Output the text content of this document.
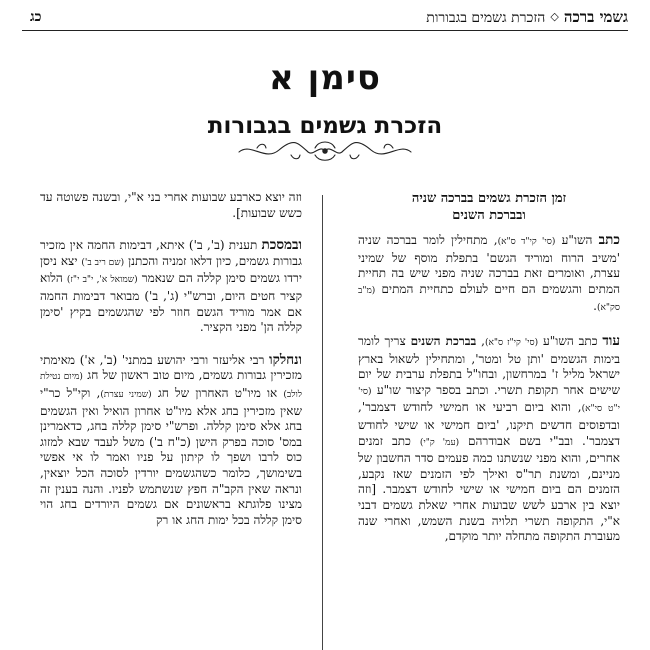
גשמי ברכה◇הזכרת גשמים בגבורות
כג
סימן א
הזכרת גשמים בגבורות
זמן הזכרת גשמים בברכה שניה
ובברכת השנים

כתב השו"ע (סי' קי"ד ס"א), מתחילין לומר בברכה שניה 'משיב הרוח ומוריד הגשם' בתפלת מוסף של שמיני עצרת, ואומרים זאת בברכה שניה מפני שיש בה תחיית המתים והגשמים הם חיים לעולם כתחיית המתים (מ"ב סק"א).

עוד כתב השו"ע (סי' קי"ז ס"א), בברכת השנים צריך לומר בימות הגשמים 'ותן טל ומטר', ומתחילין לשאול בארץ ישראל מליל ז' במרחשון, ובחו"ל בתפלת ערבית של יום שישים אחר תקופת תשרי. וכתב בספר קיצור שו"ע (סי' י"ט סי"א), והוא ביום רביעי או חמישי לחודש דצמבר', ובדפוסים חדשים תיקנו, 'ביום חמישי או שישי לחודש דצמבר'. ובב"י בשם אבודרהם (עמ' ק"י) כתב זמנים אחרים, והוא מפני שנשתנו כמה פעמים סדר החשבון של מניינם, ומשנת תר"ס ואילך לפי הזמנים שאז נקבע, הזמנים הם ביום חמישי או שישי לחודש דצמבר. [וזה יוצא בין ארבע לשש שבועות אחרי שאלת גשמים דבני א"י, התקופה תשרי תלויה בשנת השמש, ואחרי שנה מעוברת התקופה מתחלה יותר מוקדם,

וזה יוצא כארבע שבועות אחרי בני א"י, ובשנה פשוטה עד כשש שבועות].

ובמסכת תענית (ב', ב') איתא, דבימות החמה אין מזכיר גבורות גשמים, כיון דלאו זמניה והכתנן (שם ריב ב') יצא ניסן ירדו גשמים סימן קללה הם שנאמר (שמואל א', י"ב י"ז) הלוא קציר חטים היום, וברש"י (ג', ב') מבואר דבימות החמה אם אמר מוריד הגשם חוזר לפי שהגשמים בקיץ 'סימן קללה הן' מפני הקציר.

ונחלקו רבי אליעזר ורבי יהושע במתני' (ב', א') מאימתי מזכירין גבורות גשמים, מיום טוב ראשון של חג (מיום נטילת לולב) או מיו"ט האחרון של חג (שמיני עצרת), וקי"ל כר"י שאין מזכירין בחג אלא מיו"ט אחרון הואיל ואין הגשמים בחג אלא סימן קללה. ופרש"י סימן קללה בחג, כדאמרינן במס' סוכה בפרק הישן (כ"ח ב') משל לעבד שבא למזוג כוס לרבו ושפך לו קיתון על פניו ואמר לו אי אפשי בשימושך, כלומר כשהגשמים יורדין לסוכה הכל יוצאין, ונראה שאין הקב"ה חפץ שנשתמש לפניו. והנה בענין זה מצינו פלוגתא בראשונים אם גשמים היורדים בחג הוי סימן קללה בכל ימות החג או רק
